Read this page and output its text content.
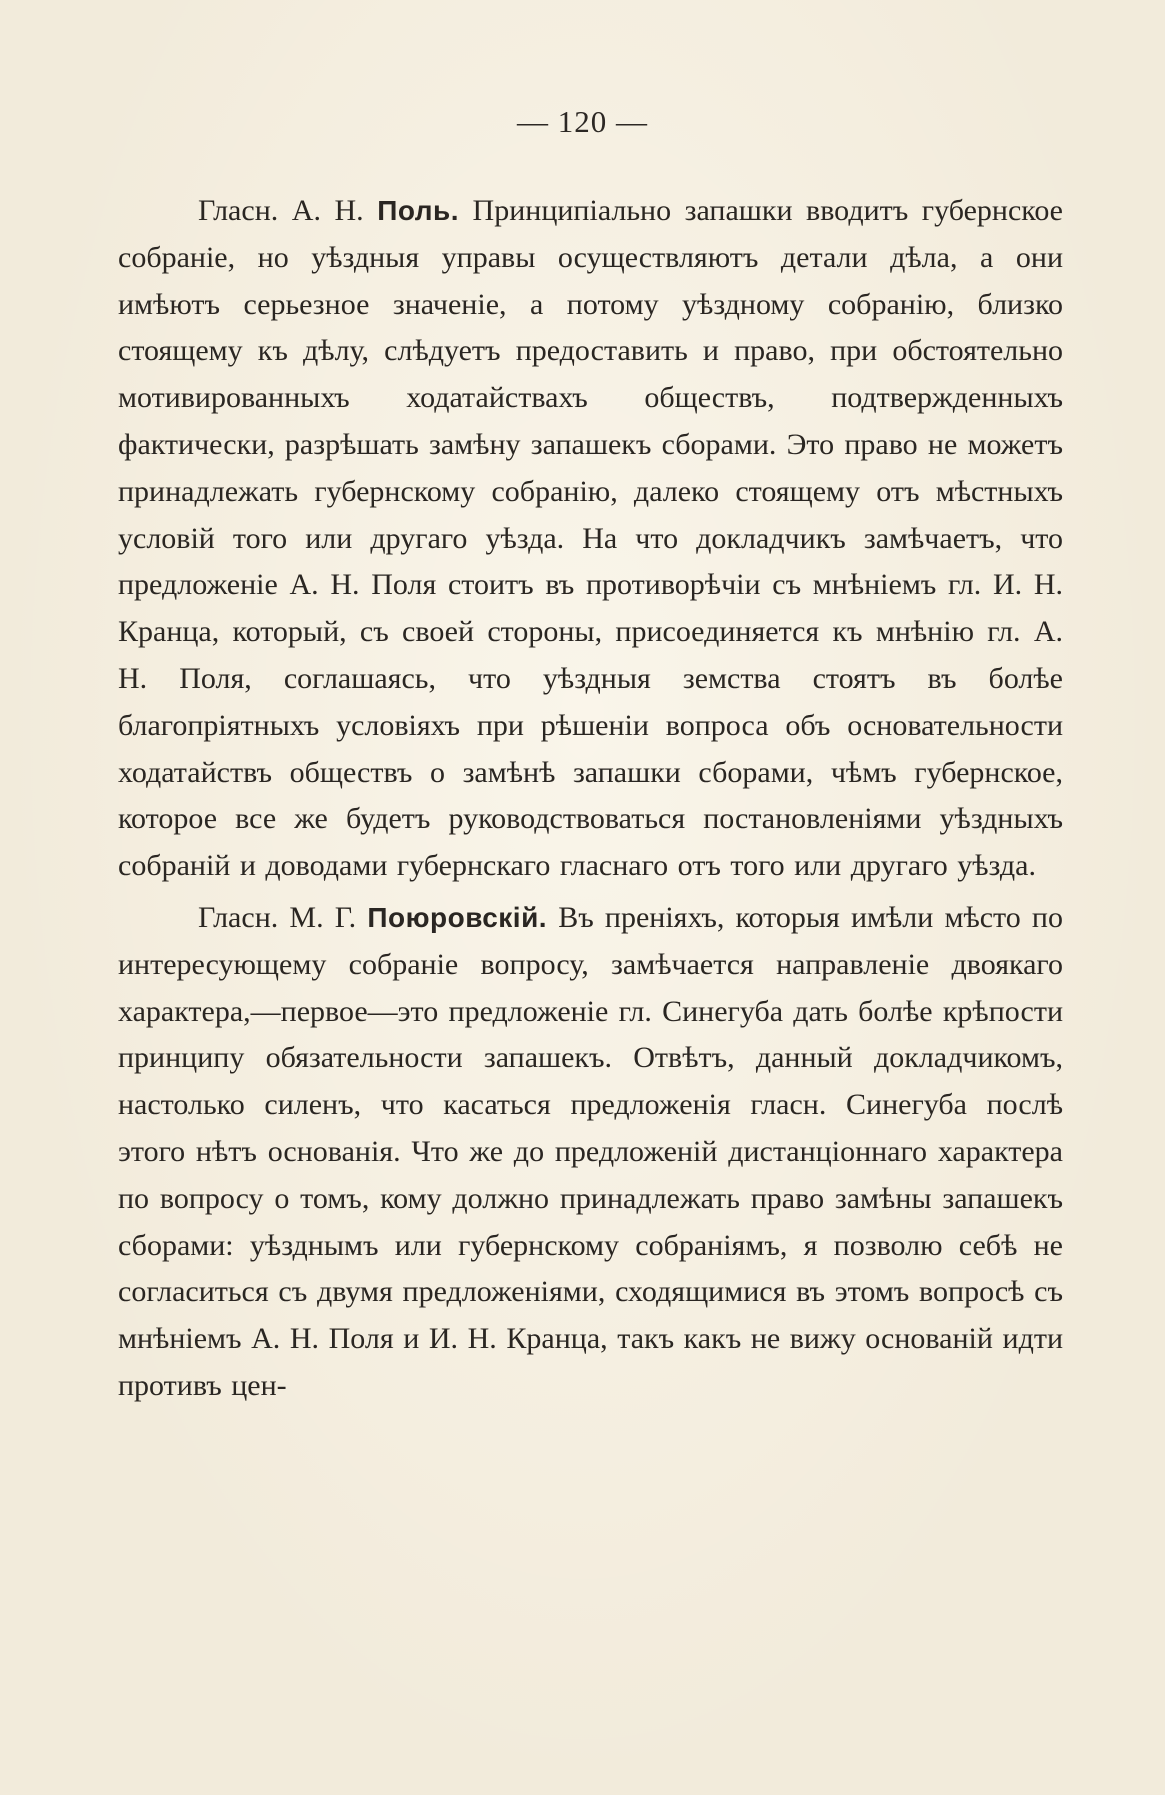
— 120 —

Гласн. А. Н. Поль. Принципіально запашки вводитъ губернское собраніе, но уѣздныя управы осуществляютъ детали дѣла, а они имѣютъ серьезное значеніе, а потому уѣздному собранію, близко стоящему къ дѣлу, слѣдуетъ предоставить и право, при обстоятельно мотивированныхъ ходатайствахъ обществъ, подтвержденныхъ фактически, разрѣшать замѣну запашекъ сборами. Это право не можетъ принадлежать губернскому собранію, далеко стоящему отъ мѣстныхъ условій того или другаго уѣзда. На что докладчикъ замѣчаетъ, что предложеніе А. Н. Поля стоитъ въ противорѣчіи съ мнѣніемъ гл. И. Н. Кранца, который, съ своей стороны, присоединяется къ мнѣнію гл. А. Н. Поля, соглашаясь, что уѣздныя земства стоятъ въ болѣе благопріятныхъ условіяхъ при рѣшеніи вопроса объ основательности ходатайствъ обществъ о замѣнѣ запашки сборами, чѣмъ губернское, которое все же будетъ руководствоваться постановленіями уѣздныхъ собраній и доводами губернскаго гласнаго отъ того или другаго уѣзда.

Гласн. М. Г. Поюровскій. Въ преніяхъ, которыя имѣли мѣсто по интересующему собраніе вопросу, замѣчается направленіе двоякаго характера,—первое—это предложеніе гл. Синегуба дать болѣе крѣпости принципу обязательности запашекъ. Отвѣтъ, данный докладчикомъ, настолько силенъ, что касаться предложенія гласн. Синегуба послѣ этого нѣтъ основанія. Что же до предложеній дистанціоннаго характера по вопросу о томъ, кому должно принадлежать право замѣны запашекъ сборами: уѣзднымъ или губернскому собраніямъ, я позволю себѣ не согласиться съ двумя предложеніями, сходящимися въ этомъ вопросѣ съ мнѣніемъ А. Н. Поля и И. Н. Кранца, такъ какъ не вижу основаній идти противъ цен-
